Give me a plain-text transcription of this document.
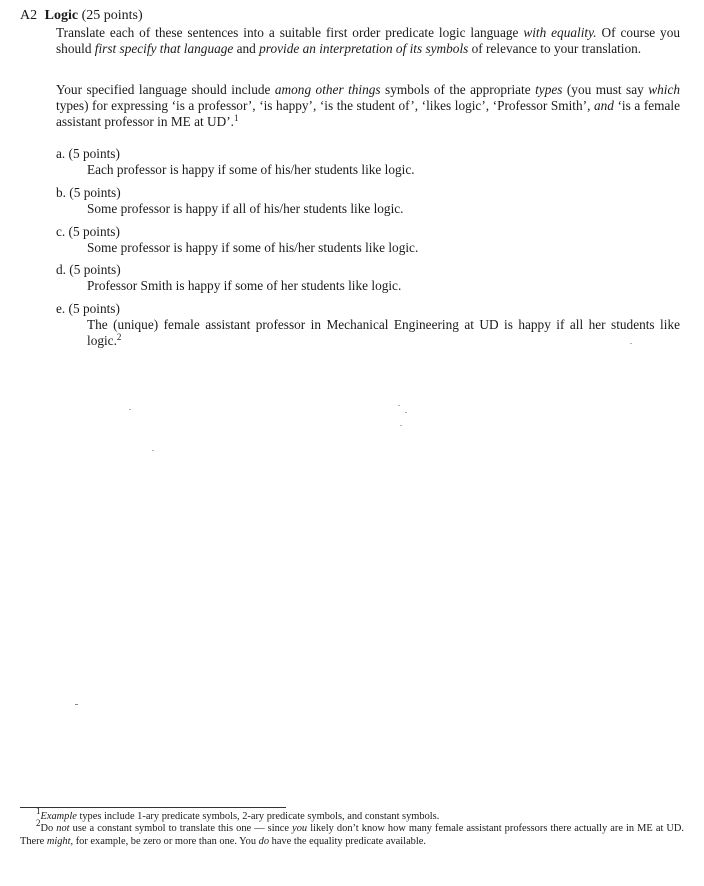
A2 Logic (25 points)
Translate each of these sentences into a suitable first order predicate logic language with equality. Of course you should first specify that language and provide an interpretation of its symbols of relevance to your translation.
Your specified language should include among other things symbols of the appropriate types (you must say which types) for expressing ‘is a professor’, ‘is happy’, ‘is the student of’, ‘likes logic’, ‘Professor Smith’, and ‘is a female assistant professor in ME at UD’.$^1$
a. (5 points)
Each professor is happy if some of his/her students like logic.
b. (5 points)
Some professor is happy if all of his/her students like logic.
c. (5 points)
Some professor is happy if some of his/her students like logic.
d. (5 points)
Professor Smith is happy if some of her students like logic.
e. (5 points)
The (unique) female assistant professor in Mechanical Engineering at UD is happy if all her students like logic.$^2$
$^1$Example types include 1-ary predicate symbols, 2-ary predicate symbols, and constant symbols.
$^2$Do not use a constant symbol to translate this one — since you likely don’t know how many female assistant professors there actually are in ME at UD. There might, for example, be zero or more than one. You do have the equality predicate available.
